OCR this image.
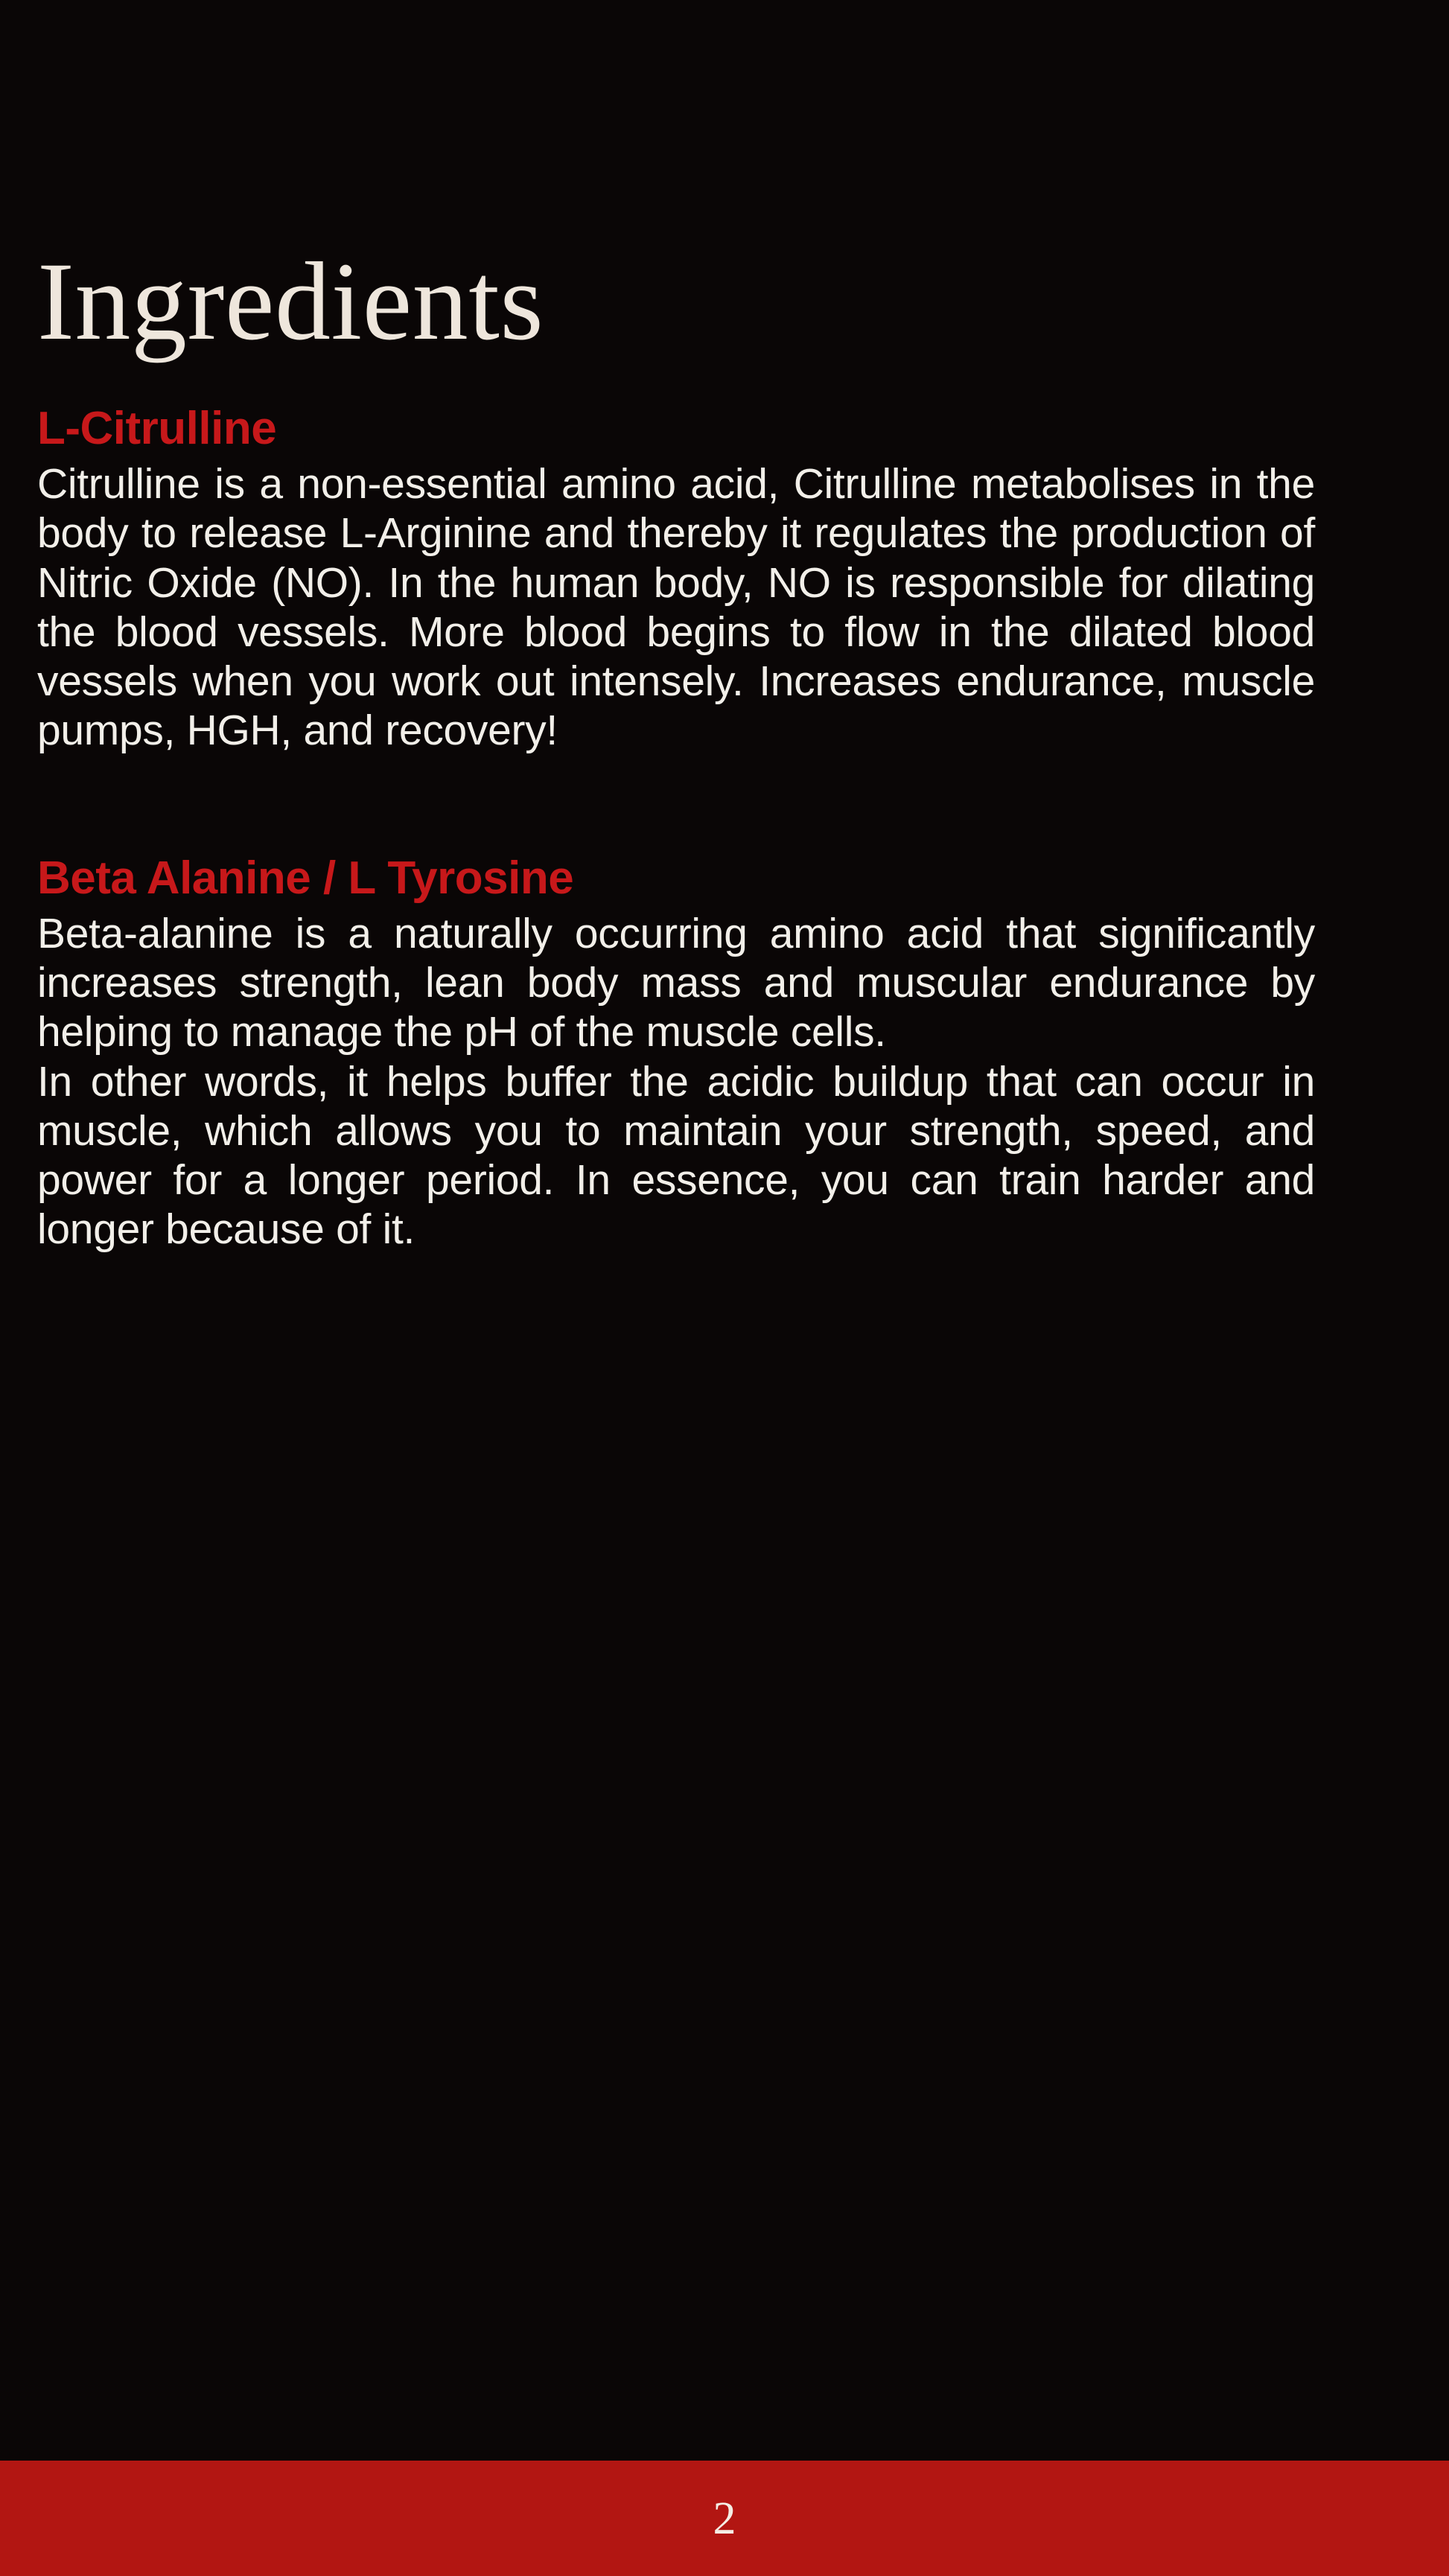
Ingredients
L-Citrulline

Citrulline is a non-essential amino acid, Citrulline metabolises in the body to release L-Arginine and thereby it regulates the production of Nitric Oxide (NO). In the human body, NO is responsible for dilating the blood vessels. More blood begins to flow in the dilated blood vessels when you work out intensely. Increases endurance, muscle pumps, HGH, and recovery!

Beta Alanine / L Tyrosine

Beta-alanine is a naturally occurring amino acid that significantly increases strength, lean body mass and muscular endurance by helping to manage the pH of the muscle cells.

In other words, it helps buffer the acidic buildup that can occur in muscle, which allows you to maintain your strength, speed, and power for a longer period. In essence, you can train harder and longer because of it.

2
